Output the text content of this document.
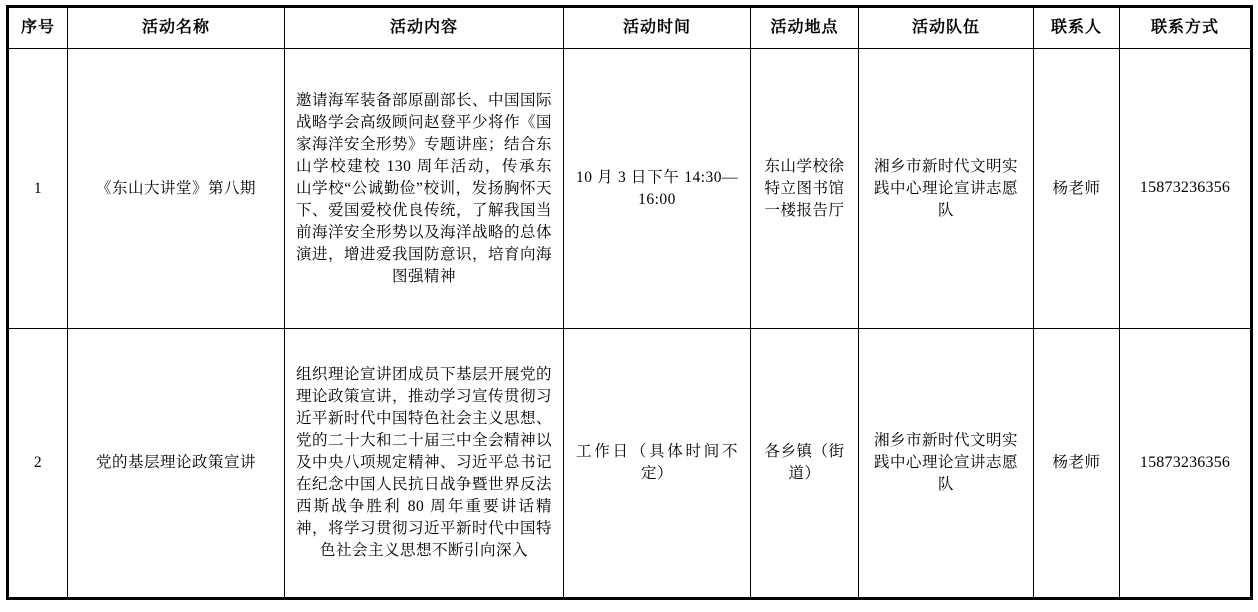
序号	活动名称	活动内容	活动时间	活动地点	活动队伍	联系人	联系方式
1	《东山大讲堂》第八期	邀请海军装备部原副部长、中国国际战略学会高级顾问赵登平少将作《国家海洋安全形势》专题讲座；结合东山学校建校 130 周年活动，传承东山学校“公诚勤俭”校训，发扬胸怀天下、爱国爱校优良传统，了解我国当前海洋安全形势以及海洋战略的总体演进，增进爱我国防意识，培育向海图强精神	10 月 3 日下午 14:30—16:00	东山学校徐特立图书馆一楼报告厅	湘乡市新时代文明实践中心理论宣讲志愿队	杨老师	15873236356
2	党的基层理论政策宣讲	组织理论宣讲团成员下基层开展党的理论政策宣讲，推动学习宣传贯彻习近平新时代中国特色社会主义思想、党的二十大和二十届三中全会精神以及中央八项规定精神、习近平总书记在纪念中国人民抗日战争暨世界反法西斯战争胜利 80 周年重要讲话精神，将学习贯彻习近平新时代中国特色社会主义思想不断引向深入	工作日（具体时间不定）	各乡镇（街道）	湘乡市新时代文明实践中心理论宣讲志愿队	杨老师	15873236356
